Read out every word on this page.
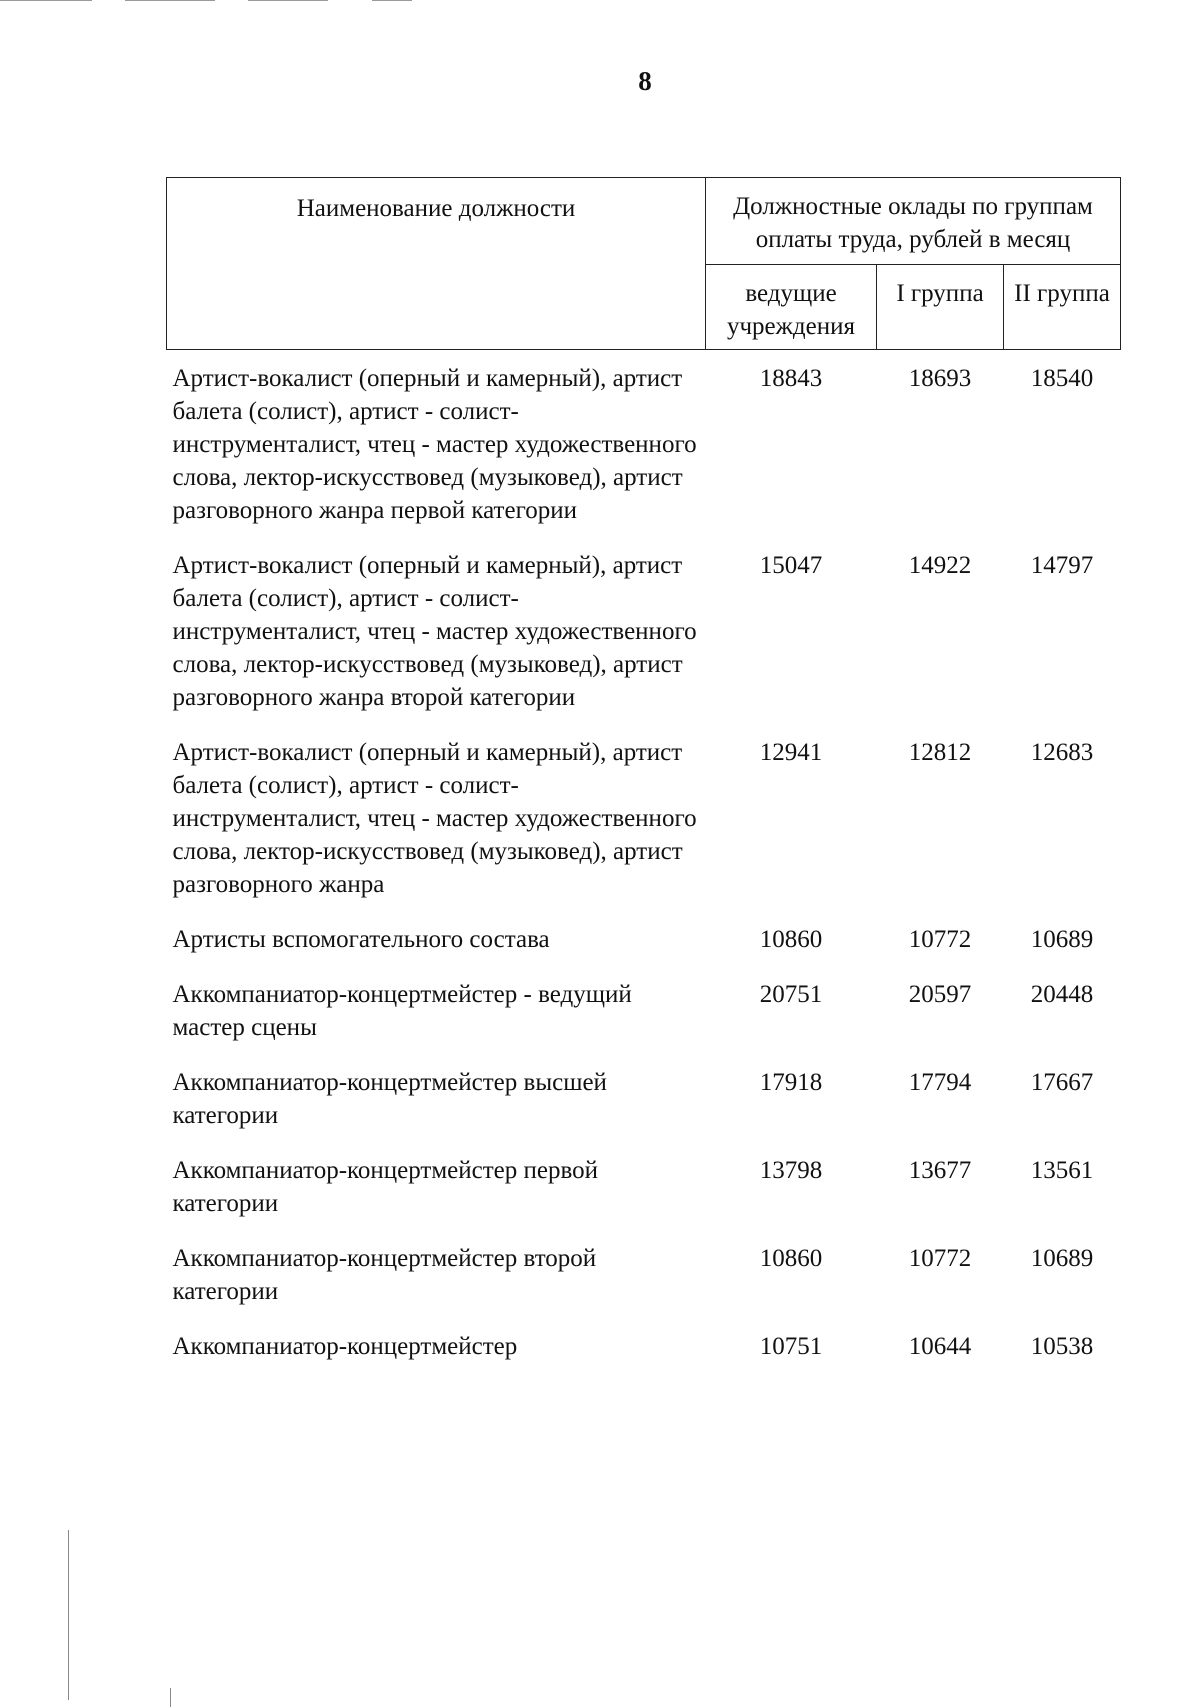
8
Наименование должности	Должностные оклады по группам оплаты труда, рублей в месяц		
	ведущие учреждения	I группа	II группа
Артист-вокалист (оперный и камерный), артист балета (солист), артист - солист-инструменталист, чтец - мастер художественного слова, лектор-искусствовед (музыковед), артист разговорного жанра первой категории	18843	18693	18540
Артист-вокалист (оперный и камерный), артист балета (солист), артист - солист-инструменталист, чтец - мастер художественного слова, лектор-искусствовед (музыковед), артист разговорного жанра второй категории	15047	14922	14797
Артист-вокалист (оперный и камерный), артист балета (солист), артист - солист-инструменталист, чтец - мастер художественного слова, лектор-искусствовед (музыковед), артист разговорного жанра	12941	12812	12683
Артисты вспомогательного состава	10860	10772	10689
Аккомпаниатор-концертмейстер - ведущий мастер сцены	20751	20597	20448
Аккомпаниатор-концертмейстер высшей категории	17918	17794	17667
Аккомпаниатор-концертмейстер первой категории	13798	13677	13561
Аккомпаниатор-концертмейстер второй категории	10860	10772	10689
Аккомпаниатор-концертмейстер	10751	10644	10538
